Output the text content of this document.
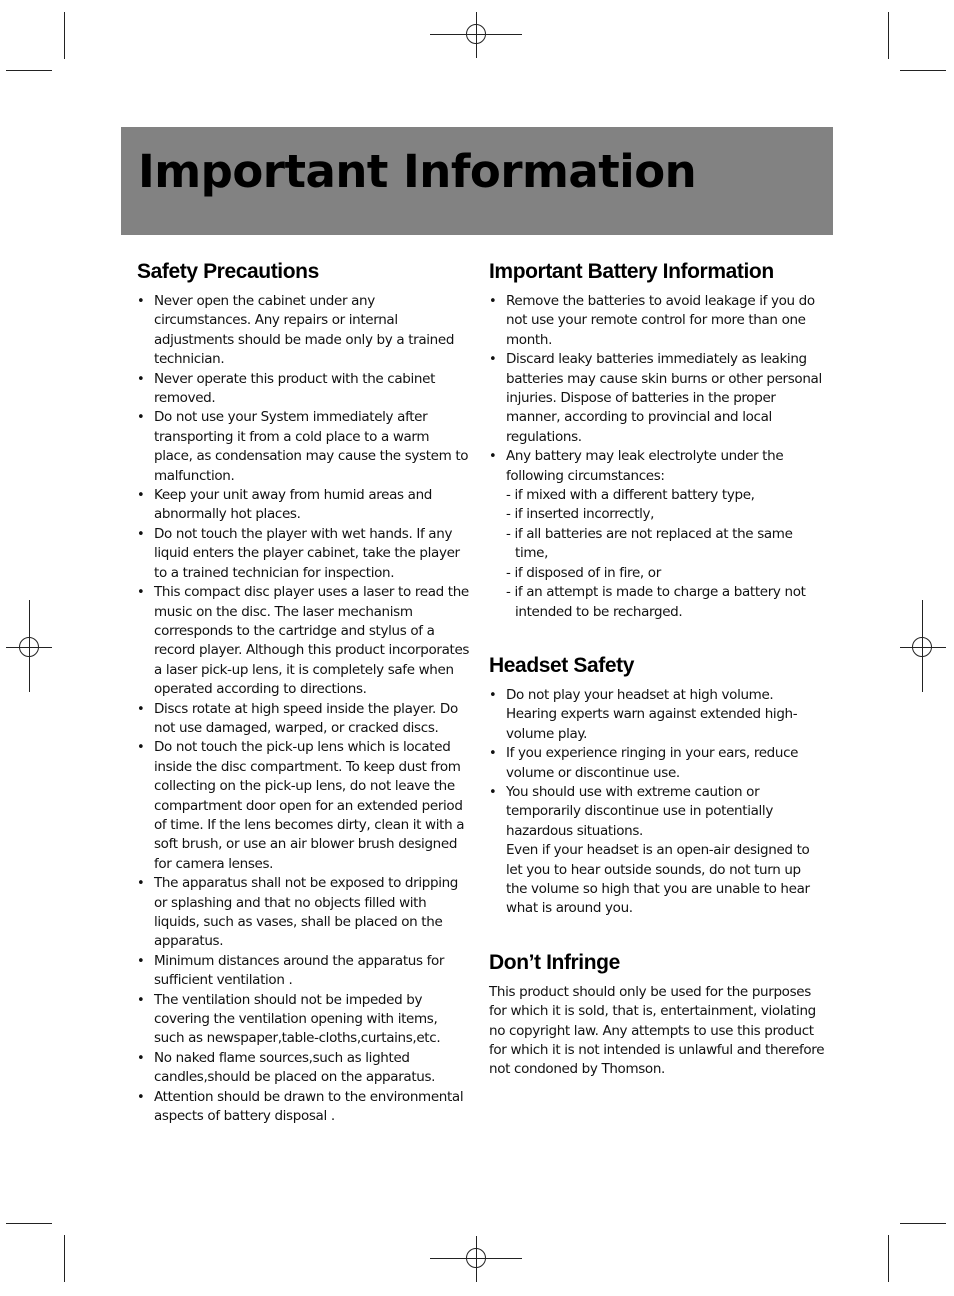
Important Information
Safety Precautions
• Never open the cabinet under any circumstances. Any repairs or internal adjustments should be made only by a trained technician.
• Never operate this product with the cabinet removed.
• Do not use your System immediately after transporting it from a cold place to a warm place, as condensation may cause the system to malfunction.
• Keep your unit away from humid areas and abnormally hot places.
• Do not touch the player with wet hands. If any liquid enters the player cabinet, take the player to a trained technician for inspection.
• This compact disc player uses a laser to read the music on the disc. The laser mechanism corresponds to the cartridge and stylus of a record player. Although this product incorporates a laser pick-up lens, it is completely safe when operated according to directions.
• Discs rotate at high speed inside the player. Do not use damaged, warped, or cracked discs.
• Do not touch the pick-up lens which is located inside the disc compartment. To keep dust from collecting on the pick-up lens, do not leave the compartment door open for an extended period of time. If the lens becomes dirty, clean it with a soft brush, or use an air blower brush designed for camera lenses.
• The apparatus shall not be exposed to dripping or splashing and that no objects filled with liquids, such as vases, shall be placed on the apparatus.
• Minimum distances around the apparatus for sufficient ventilation .
• The ventilation should not be impeded by covering the ventilation opening with items, such as newspaper,table-cloths,curtains,etc.
• No naked flame sources,such as lighted candles,should be placed on the apparatus.
• Attention should be drawn to the environmental aspects of battery disposal .
Important Battery Information
• Remove the batteries to avoid leakage if you do not use your remote control for more than one month.
• Discard leaky batteries immediately as leaking batteries may cause skin burns or other personal injuries. Dispose of batteries in the proper manner, according to provincial and local regulations.
• Any battery may leak electrolyte under the following circumstances:
- if mixed with a different battery type,
- if inserted incorrectly,
- if all batteries are not replaced at the same time,
- if disposed of in fire, or
- if an attempt is made to charge a battery not intended to be recharged.
Headset Safety
• Do not play your headset at high volume. Hearing experts warn against extended high-volume play.
• If you experience ringing in your ears, reduce volume or discontinue use.
• You should use with extreme caution or temporarily discontinue use in potentially hazardous situations.
Even if your headset is an open-air designed to let you to hear outside sounds, do not turn up the volume so high that you are unable to hear what is around you.
Don’t Infringe

This product should only be used for the purposes for which it is sold, that is, entertainment, violating no copyright law. Any attempts to use this product for which it is not intended is unlawful and therefore not condoned by Thomson.
